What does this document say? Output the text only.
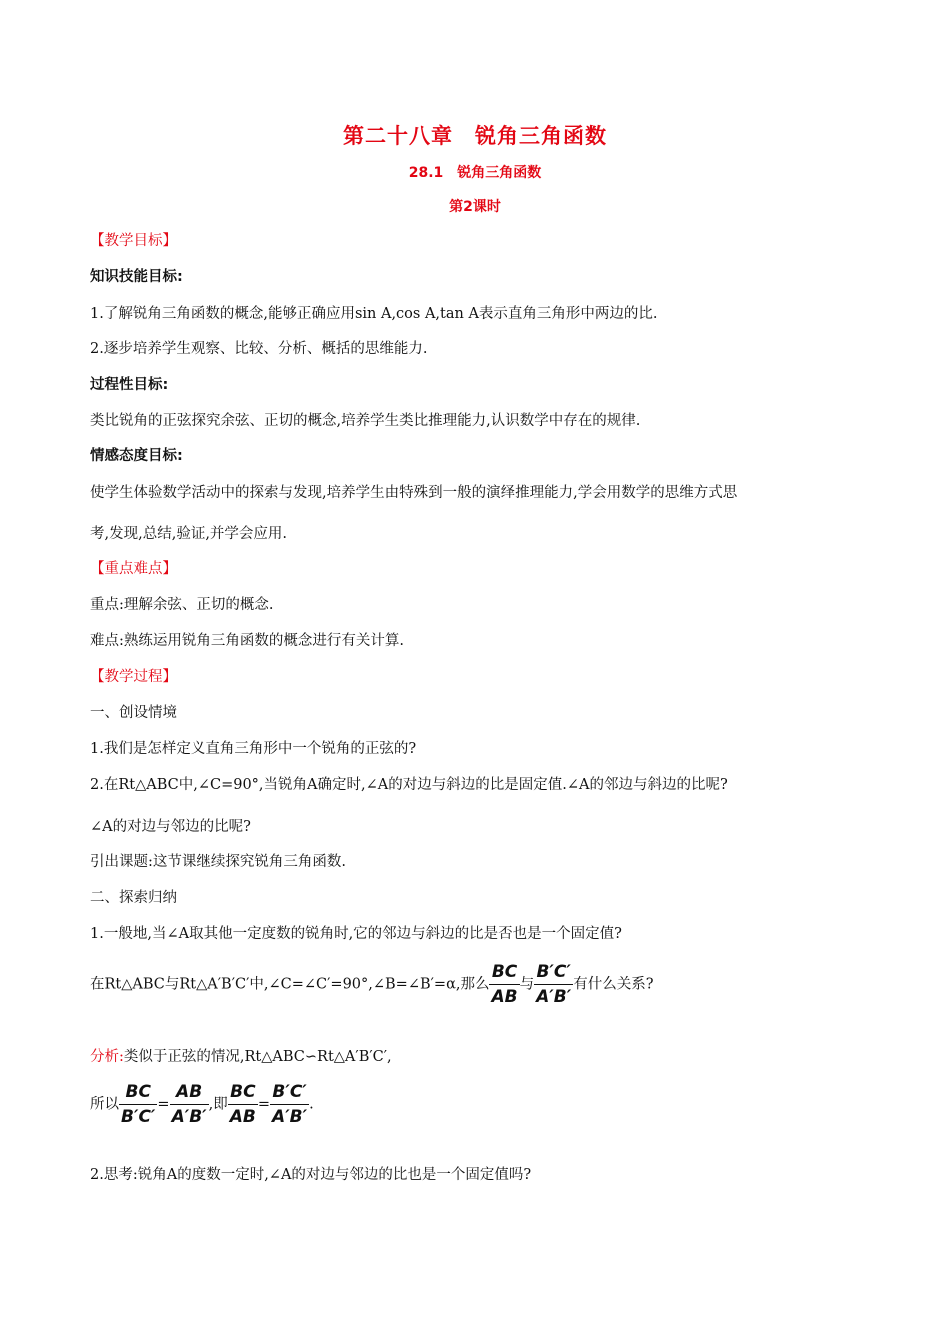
第二十八章　锐角三角函数
28.1　锐角三角函数
第2课时
【教学目标】
知识技能目标:
1.了解锐角三角函数的概念,能够正确应用sin A,cos A,tan A表示直角三角形中两边的比.
2.逐步培养学生观察、比较、分析、概括的思维能力.
过程性目标:
类比锐角的正弦探究余弦、正切的概念,培养学生类比推理能力,认识数学中存在的规律.
情感态度目标:
使学生体验数学活动中的探索与发现,培养学生由特殊到一般的演绎推理能力,学会用数学的思维方式思
考,发现,总结,验证,并学会应用.
【重点难点】
重点:理解余弦、正切的概念.
难点:熟练运用锐角三角函数的概念进行有关计算.
【教学过程】
一、创设情境
1.我们是怎样定义直角三角形中一个锐角的正弦的?
2.在Rt△ABC中,∠C=90°,当锐角A确定时,∠A的对边与斜边的比是固定值.∠A的邻边与斜边的比呢?
∠A的对边与邻边的比呢?
引出课题:这节课继续探究锐角三角函数.
二、探索归纳
1.一般地,当∠A取其他一定度数的锐角时,它的邻边与斜边的比是否也是一个固定值?
在Rt△ABC与Rt△A′B′C′中,∠C=∠C′=90°,∠B=∠B′=α,那么 $\frac{BC}{AB}$ 与 $\frac{B'C'}{A'B'}$ 有什么关系?
分析:类似于正弦的情况,Rt△ABC∽Rt△A′B′C′,
所以 $\frac{BC}{B'C'} = \frac{AB}{A'B'}$ ,即 $\frac{BC}{AB} = \frac{B'C'}{A'B'}$ .
2.思考:锐角A的度数一定时,∠A的对边与邻边的比也是一个固定值吗?
